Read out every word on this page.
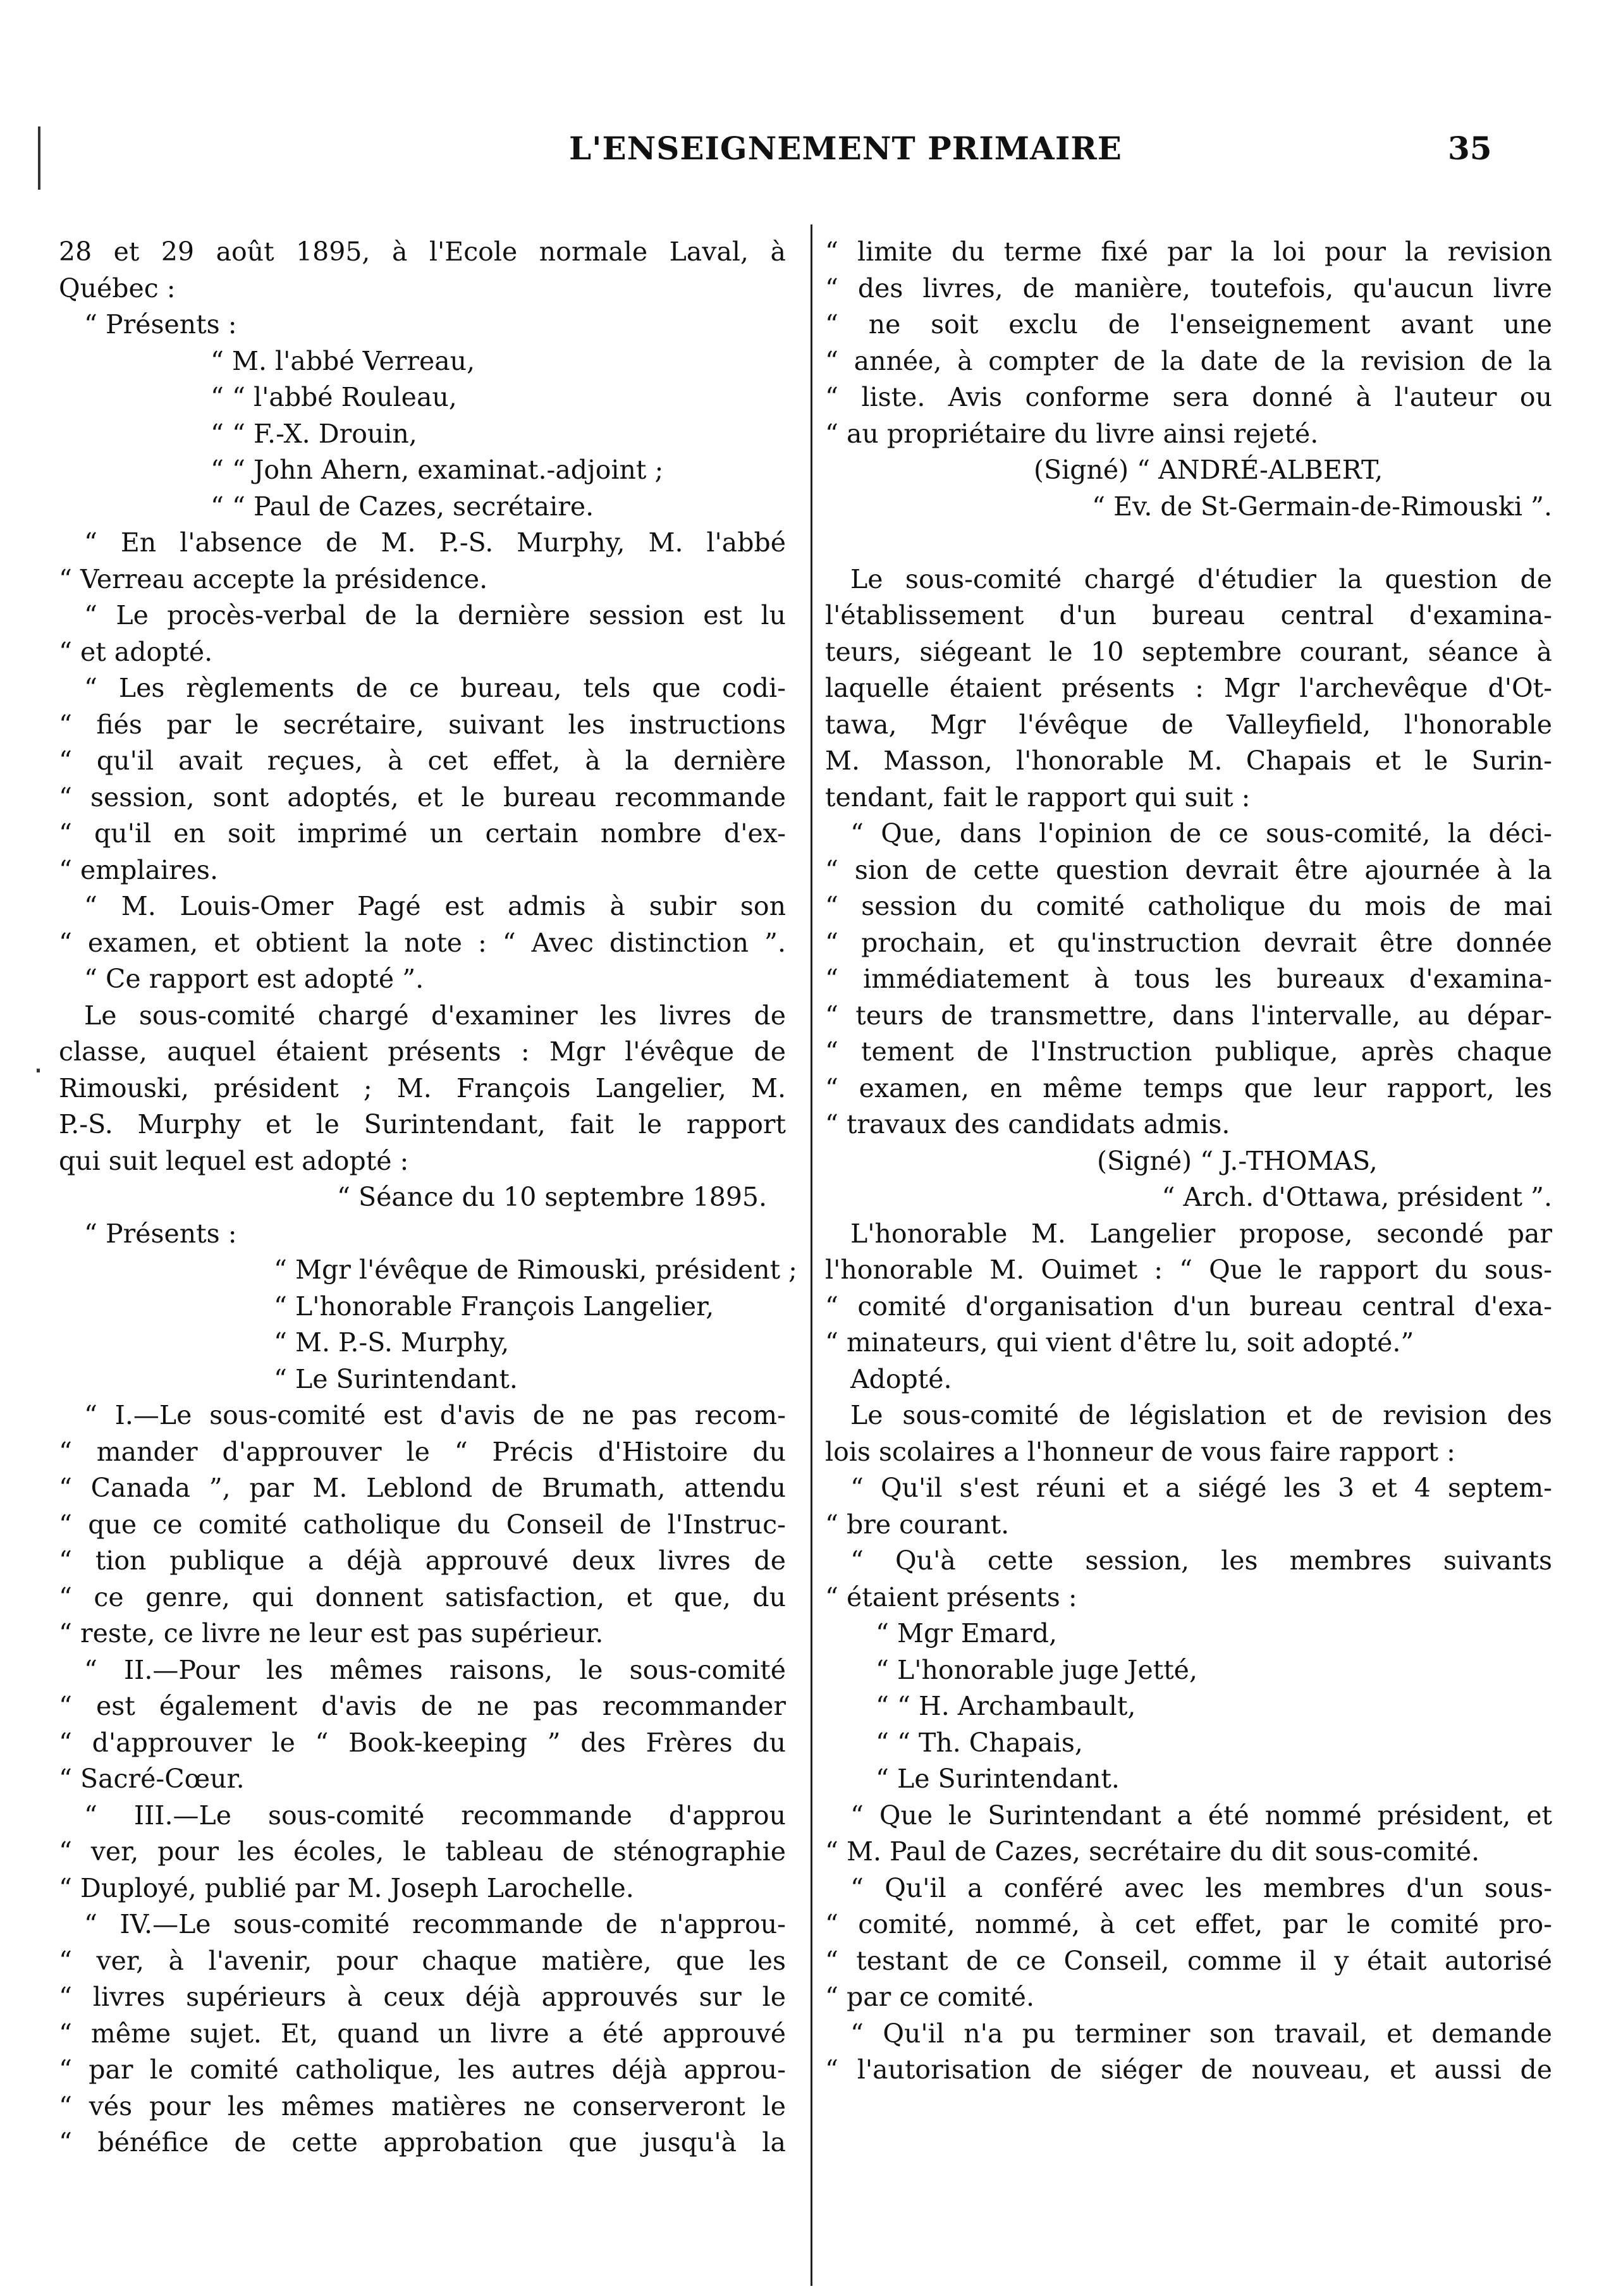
L'ENSEIGNEMENT PRIMAIRE	35
28 et 29 août 1895, à l'Ecole normale Laval, à
Québec :
“ Présents :
“ M. l'abbé Verreau,
“ “ l'abbé Rouleau,
“ “ F.-X. Drouin,
“ “ John Ahern, examinat.-adjoint ;
“ “ Paul de Cazes, secrétaire.
“ En l'absence de M. P.-S. Murphy, M. l'abbé
“ Verreau accepte la présidence.
“ Le procès-verbal de la dernière session est lu
“ et adopté.
“ Les règlements de ce bureau, tels que codi-
“ fiés par le secrétaire, suivant les instructions
“ qu'il avait reçues, à cet effet, à la dernière
“ session, sont adoptés, et le bureau recommande
“ qu'il en soit imprimé un certain nombre d'ex-
“ emplaires.
“ M. Louis-Omer Pagé est admis à subir son
“ examen, et obtient la note : “ Avec distinction ”.
“ Ce rapport est adopté ”.
Le sous-comité chargé d'examiner les livres de
classe, auquel étaient présents : Mgr l'évêque de
Rimouski, président ; M. François Langelier, M.
P.-S. Murphy et le Surintendant, fait le rapport
qui suit lequel est adopté :
“ Séance du 10 septembre 1895.
“ Présents :
“ Mgr l'évêque de Rimouski, président ;
“ L'honorable François Langelier,
“ M. P.-S. Murphy,
“ Le Surintendant.
“ I.—Le sous-comité est d'avis de ne pas recom-
“ mander d'approuver le “ Précis d'Histoire du
“ Canada ”, par M. Leblond de Brumath, attendu
“ que ce comité catholique du Conseil de l'Instruc-
“ tion publique a déjà approuvé deux livres de
“ ce genre, qui donnent satisfaction, et que, du
“ reste, ce livre ne leur est pas supérieur.
“ II.—Pour les mêmes raisons, le sous-comité
“ est également d'avis de ne pas recommander
“ d'approuver le “ Book-keeping ” des Frères du
“ Sacré-Cœur.
“ III.—Le sous-comité recommande d'approu
“ ver, pour les écoles, le tableau de sténographie
“ Duployé, publié par M. Joseph Larochelle.
“ IV.—Le sous-comité recommande de n'approu-
“ ver, à l'avenir, pour chaque matière, que les
“ livres supérieurs à ceux déjà approuvés sur le
“ même sujet. Et, quand un livre a été approuvé
“ par le comité catholique, les autres déjà approu-
“ vés pour les mêmes matières ne conserveront le
“ bénéfice de cette approbation que jusqu'à la
“ limite du terme fixé par la loi pour la revision
“ des livres, de manière, toutefois, qu'aucun livre
“ ne soit exclu de l'enseignement avant une
“ année, à compter de la date de la revision de la
“ liste. Avis conforme sera donné à l'auteur ou
“ au propriétaire du livre ainsi rejeté.
(Signé) “ ANDRÉ-ALBERT,
“ Ev. de St-Germain-de-Rimouski ”.
Le sous-comité chargé d'étudier la question de
l'établissement d'un bureau central d'examina-
teurs, siégeant le 10 septembre courant, séance à
laquelle étaient présents : Mgr l'archevêque d'Ot-
tawa, Mgr l'évêque de Valleyfield, l'honorable
M. Masson, l'honorable M. Chapais et le Surin-
tendant, fait le rapport qui suit :
“ Que, dans l'opinion de ce sous-comité, la déci-
“ sion de cette question devrait être ajournée à la
“ session du comité catholique du mois de mai
“ prochain, et qu'instruction devrait être donnée
“ immédiatement à tous les bureaux d'examina-
“ teurs de transmettre, dans l'intervalle, au dépar-
“ tement de l'Instruction publique, après chaque
“ examen, en même temps que leur rapport, les
“ travaux des candidats admis.
(Signé) “ J.-THOMAS,
“ Arch. d'Ottawa, président ”.
L'honorable M. Langelier propose, secondé par
l'honorable M. Ouimet : “ Que le rapport du sous-
“ comité d'organisation d'un bureau central d'exa-
“ minateurs, qui vient d'être lu, soit adopté.”
Adopté.
Le sous-comité de législation et de revision des
lois scolaires a l'honneur de vous faire rapport :
“ Qu'il s'est réuni et a siégé les 3 et 4 septem-
“ bre courant.
“ Qu'à cette session, les membres suivants
“ étaient présents :
“ Mgr Emard,
“ L'honorable juge Jetté,
“ “ H. Archambault,
“ “ Th. Chapais,
“ Le Surintendant.
“ Que le Surintendant a été nommé président, et
“ M. Paul de Cazes, secrétaire du dit sous-comité.
“ Qu'il a conféré avec les membres d'un sous-
“ comité, nommé, à cet effet, par le comité pro-
“ testant de ce Conseil, comme il y était autorisé
“ par ce comité.
“ Qu'il n'a pu terminer son travail, et demande
“ l'autorisation de siéger de nouveau, et aussi de
